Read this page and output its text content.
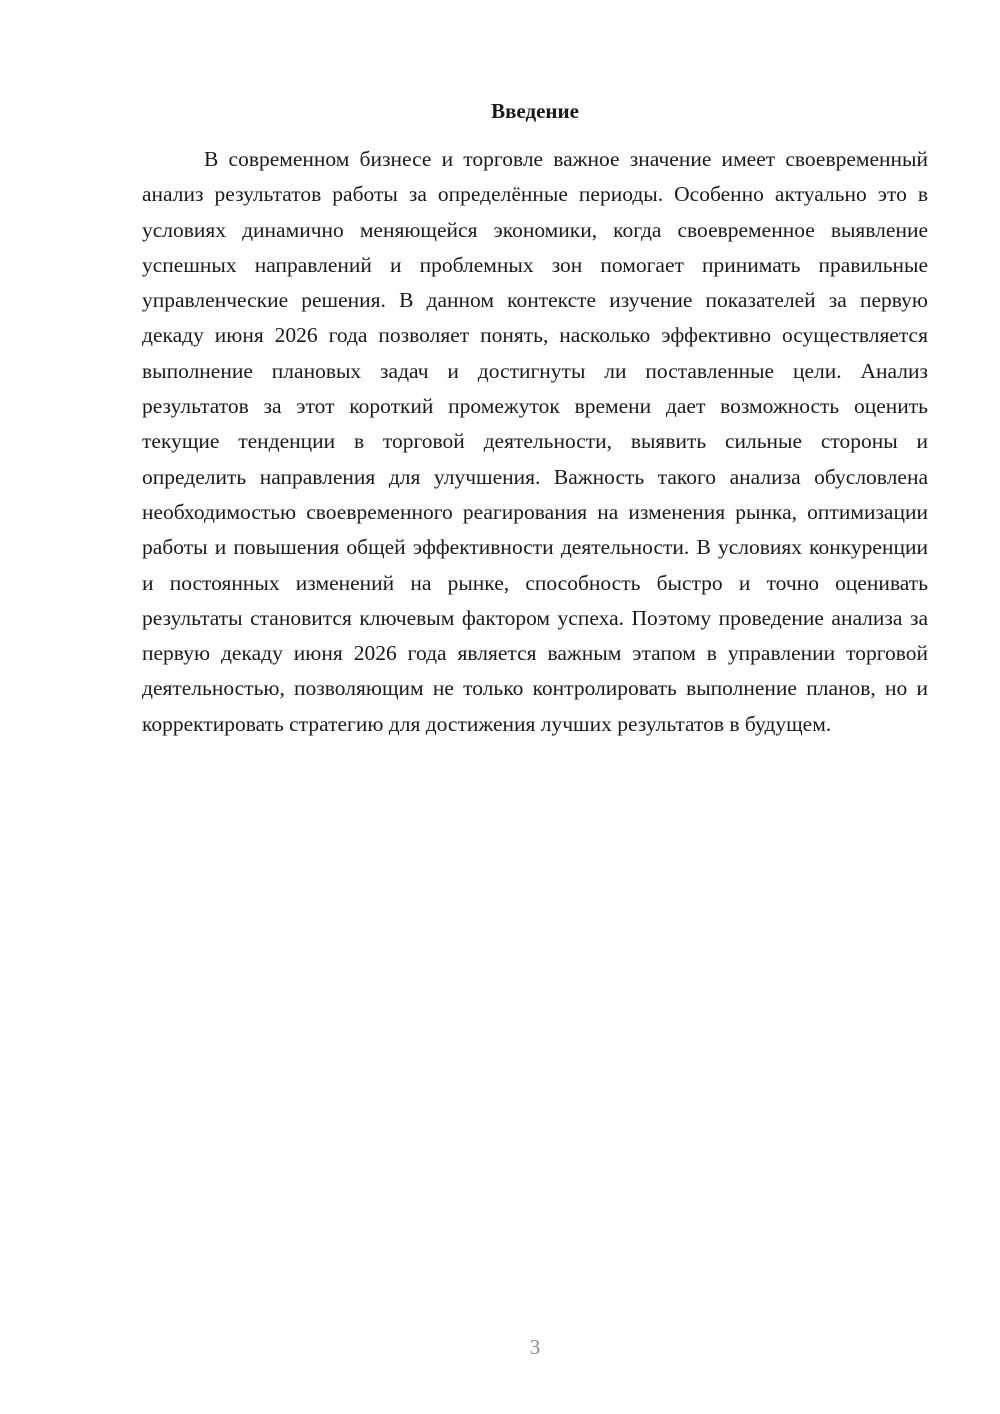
Введение

В современном бизнесе и торговле важное значение имеет своевременный анализ результатов работы за определённые периоды. Особенно актуально это в условиях динамично меняющейся экономики, когда своевременное выявление успешных направлений и проблемных зон помогает принимать правильные управленческие решения. В данном контексте изучение показателей за первую декаду июня 2026 года позволяет понять, насколько эффективно осуществляется выполнение плановых задач и достигнуты ли поставленные цели. Анализ результатов за этот короткий промежуток времени дает возможность оценить текущие тенденции в торговой деятельности, выявить сильные стороны и определить направления для улучшения. Важность такого анализа обусловлена необходимостью своевременного реагирования на изменения рынка, оптимизации работы и повышения общей эффективности деятельности. В условиях конкуренции и постоянных изменений на рынке, способность быстро и точно оценивать результаты становится ключевым фактором успеха. Поэтому проведение анализа за первую декаду июня 2026 года является важным этапом в управлении торговой деятельностью, позволяющим не только контролировать выполнение планов, но и корректировать стратегию для достижения лучших результатов в будущем.

3
